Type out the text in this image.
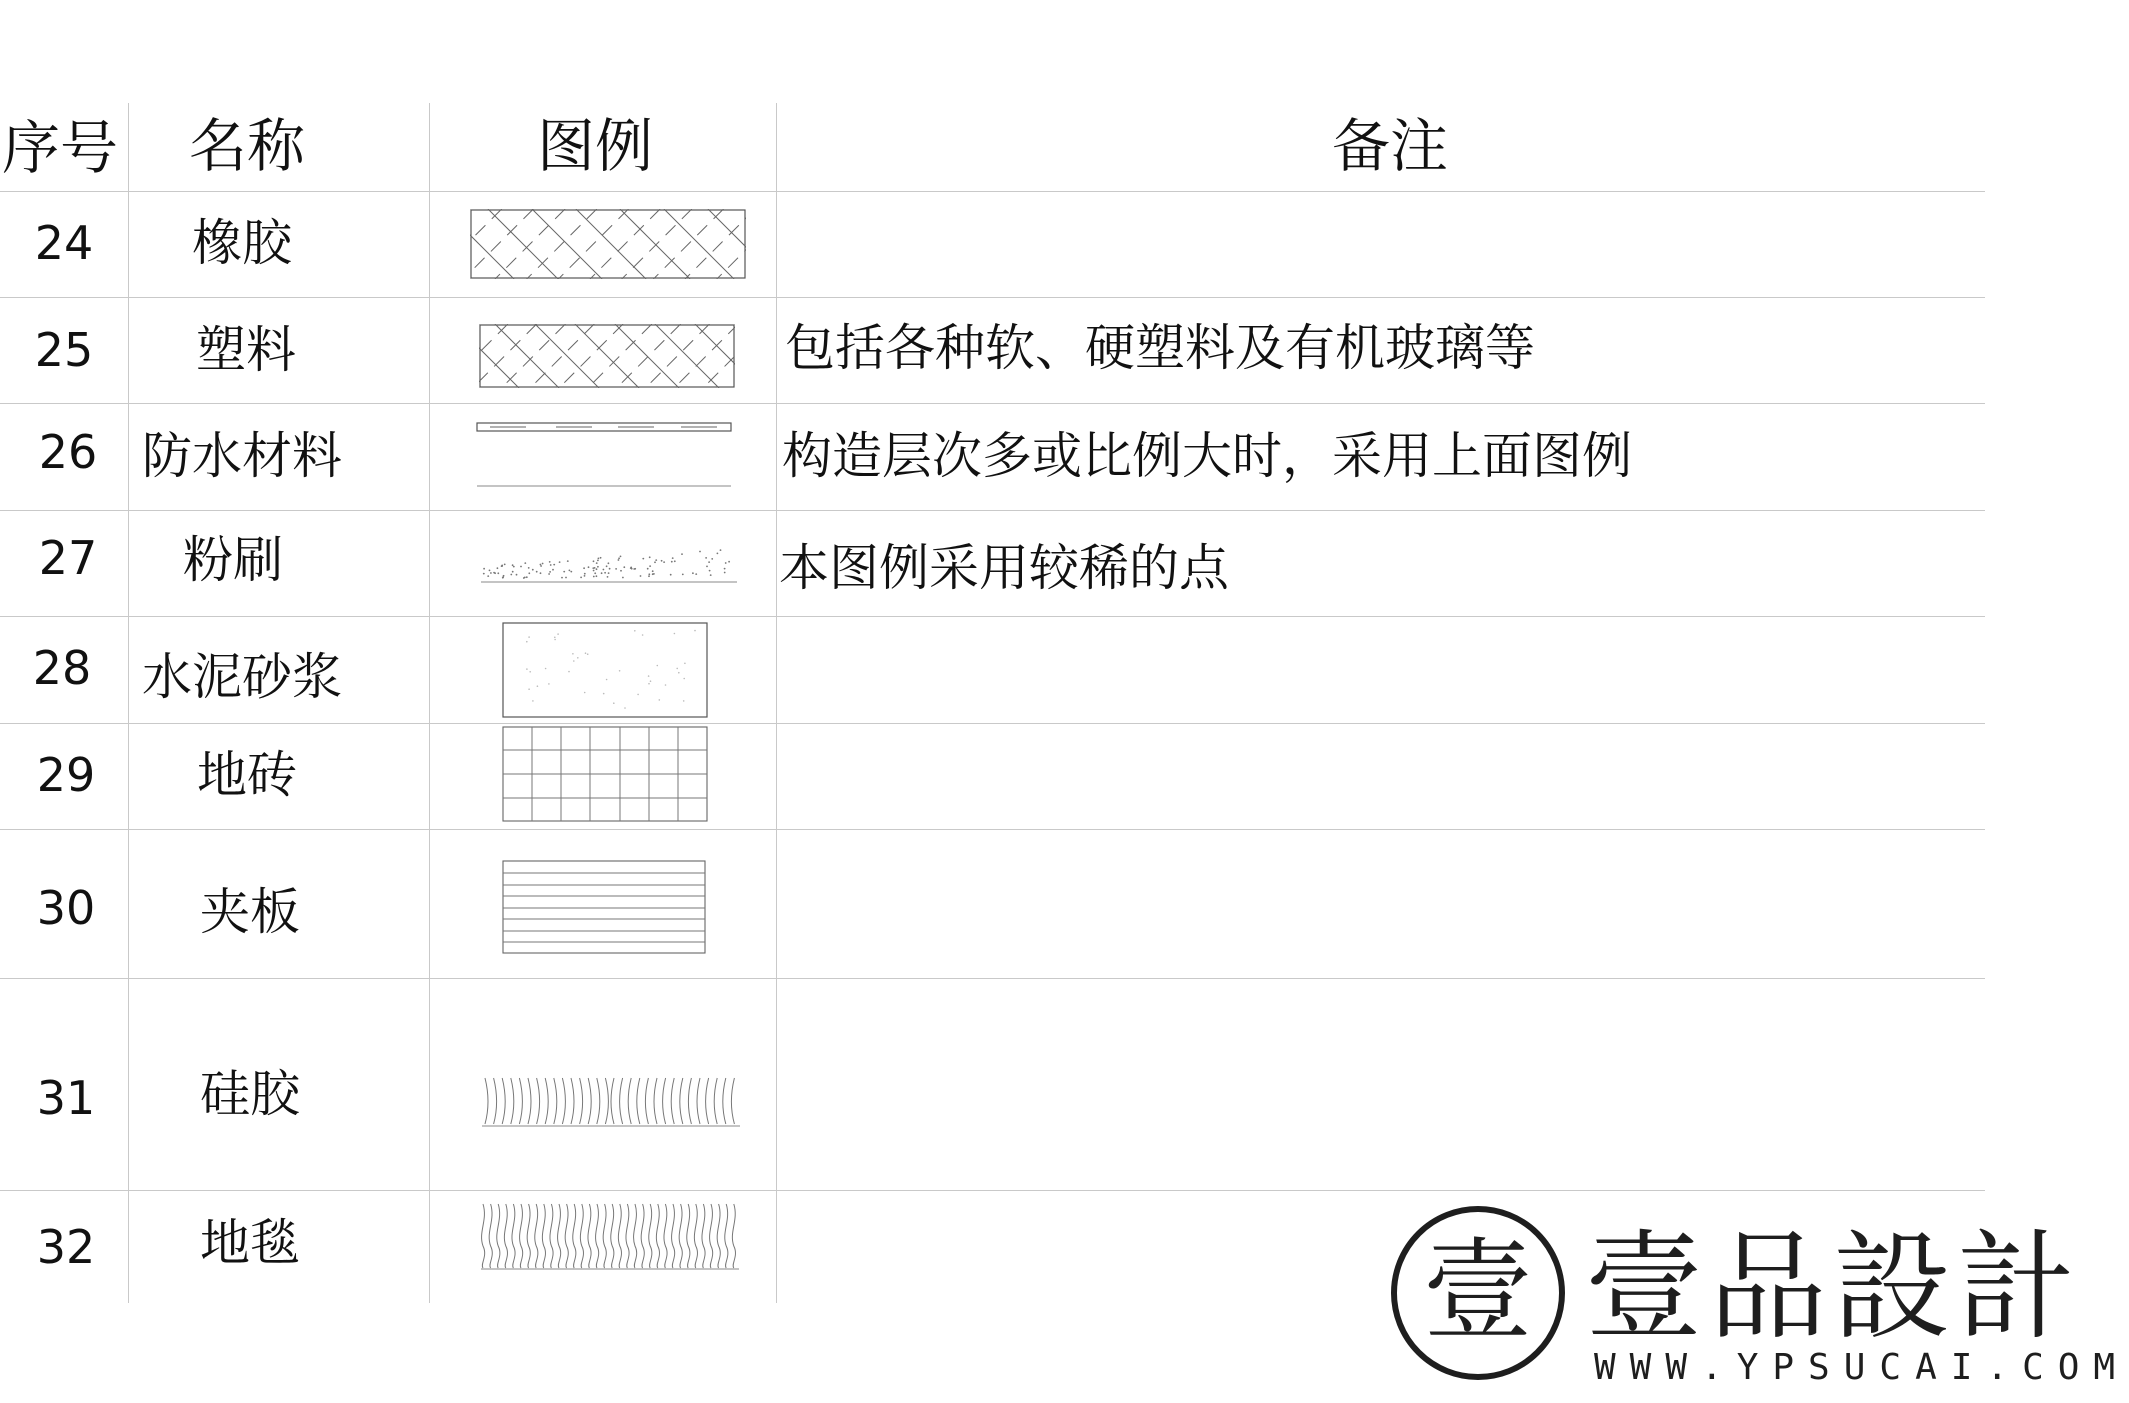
序号 名称	图例	备注
24 橡胶
25 塑料	包括各种软、硬塑料及有机玻璃等
26 防水材料	构造层次多或比例大时，采用上面图例
27 粉刷	本图例采用较稀的点
28 水泥砂浆
29 地砖
30 夹板
31 硅胶
32 地毯	壹 壹品設計
WWW.YPSUCAI.COM
